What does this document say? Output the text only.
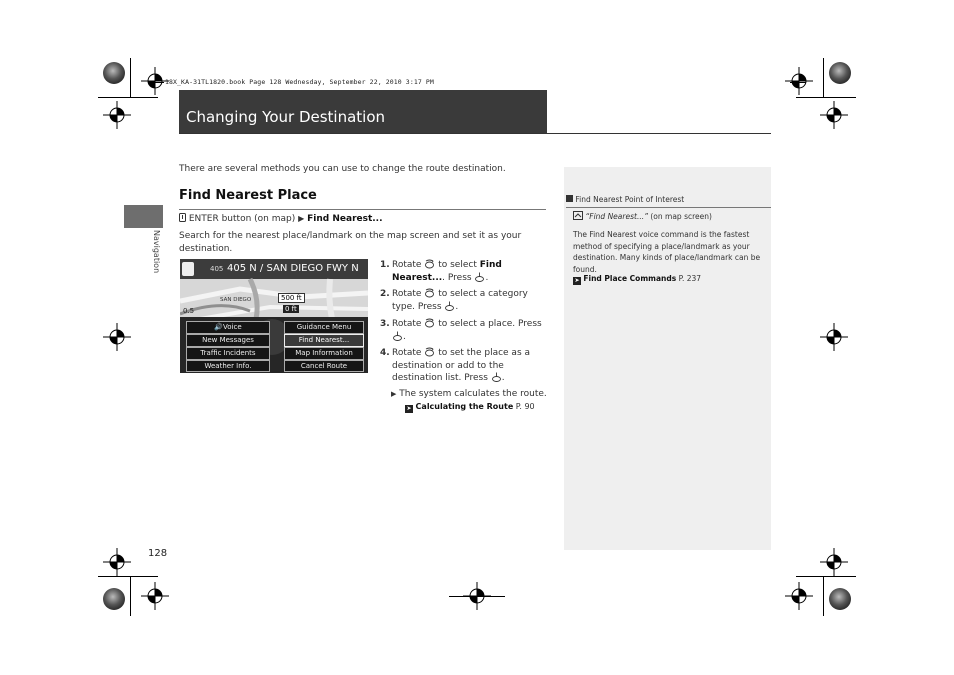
18X_KA-31TL1820.book Page 128 Wednesday, September 22, 2010 3:17 PM
Changing Your Destination
Navigation
There are several methods you can use to change the route destination.
Find Nearest Place
ENTER button (on map) ▶ Find Nearest...
Search for the nearest place/landmark on the map screen and set it as your destination.
405 405 N / SAN DIEGO FWY N
SAN DIEGO	500 ft
0 ft
0.5
🔊Voice	Guidance Menu
New Messages	Find Nearest...
Traffic Incidents	Map Information
Weather Info.	Cancel Route
1. Rotate to select Find Nearest.... Press .
2. Rotate to select a category type. Press .
3. Rotate to select a place. Press .
4. Rotate to set the place as a destination or add to the destination list. Press .
▶ The system calculates the route.
➤ Calculating the Route P. 90
Find Nearest Point of Interest
“Find Nearest...” (on map screen)
The Find Nearest voice command is the fastest method of specifying a place/landmark as your destination. Many kinds of place/landmark can be found.
➤ Find Place Commands P. 237
128
